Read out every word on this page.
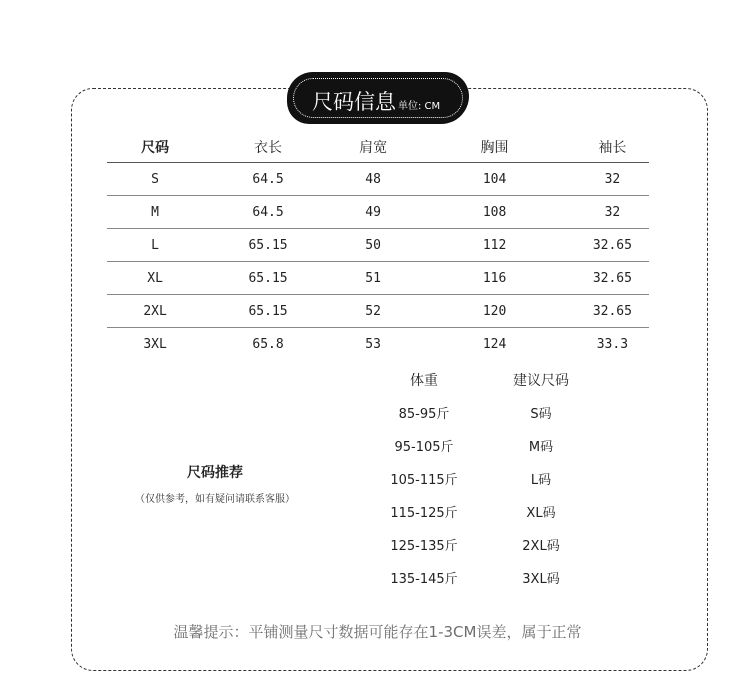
尺码信息 单位: CM
尺码	衣长	肩宽	胸围	袖长
S	64.5	48	104	32
M	64.5	49	108	32
L	65.15	50	112	32.65
XL	65.15	51	116	32.65
2XL	65.15	52	120	32.65
3XL	65.8	53	124	33.3
尺码推荐
（仅供参考，如有疑问请联系客服）
体重	建议尺码
85-95斤	S码
95-105斤	M码
105-115斤	L码
115-125斤	XL码
125-135斤	2XL码
135-145斤	3XL码
温馨提示：平铺测量尺寸数据可能存在1-3CM误差，属于正常
